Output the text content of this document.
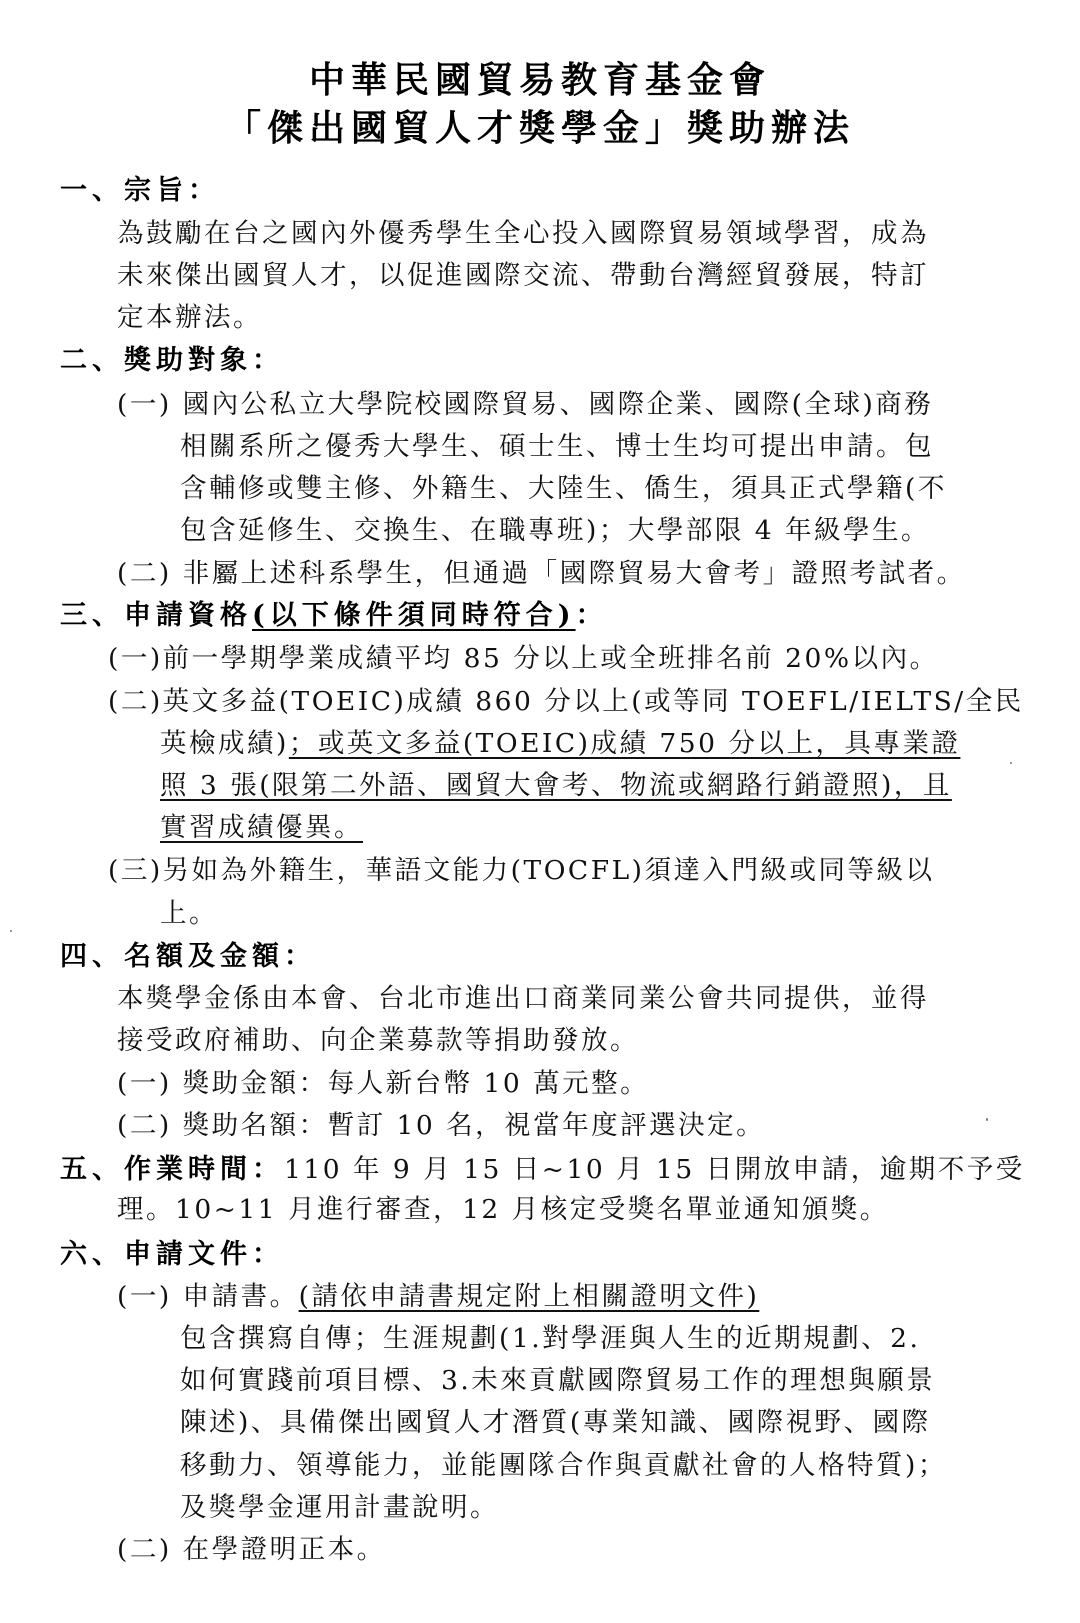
中華民國貿易教育基金會
「傑出國貿人才獎學金」獎助辦法
一、宗旨：
為鼓勵在台之國內外優秀學生全心投入國際貿易領域學習，成為
未來傑出國貿人才，以促進國際交流、帶動台灣經貿發展，特訂
定本辦法。
二、獎助對象：
(一) 國內公私立大學院校國際貿易、國際企業、國際(全球)商務
相關系所之優秀大學生、碩士生、博士生均可提出申請。包
含輔修或雙主修、外籍生、大陸生、僑生，須具正式學籍(不
包含延修生、交換生、在職專班)；大學部限 4 年級學生。
(二) 非屬上述科系學生，但通過「國際貿易大會考」證照考試者。
三、申請資格(以下條件須同時符合)：
(一)前一學期學業成績平均 85 分以上或全班排名前 20%以內。
(二)英文多益(TOEIC)成績 860 分以上(或等同 TOEFL/IELTS/全民
英檢成績)；或英文多益(TOEIC)成績 750 分以上，具專業證
照 3 張(限第二外語、國貿大會考、物流或網路行銷證照)，且
實習成績優異。
(三)另如為外籍生，華語文能力(TOCFL)須達入門級或同等級以
上。
四、名額及金額：
本獎學金係由本會、台北市進出口商業同業公會共同提供，並得
接受政府補助、向企業募款等捐助發放。
(一) 獎助金額：每人新台幣 10 萬元整。
(二) 獎助名額：暫訂 10 名，視當年度評選決定。
五、作業時間：110 年 9 月 15 日~10 月 15 日開放申請，逾期不予受
理。10~11 月進行審查，12 月核定受獎名單並通知頒獎。
六、申請文件：
(一) 申請書。(請依申請書規定附上相關證明文件)
包含撰寫自傳；生涯規劃(1.對學涯與人生的近期規劃、2.
如何實踐前項目標、3.未來貢獻國際貿易工作的理想與願景
陳述)、具備傑出國貿人才潛質(專業知識、國際視野、國際
移動力、領導能力，並能團隊合作與貢獻社會的人格特質)；
及獎學金運用計畫說明。
(二) 在學證明正本。
